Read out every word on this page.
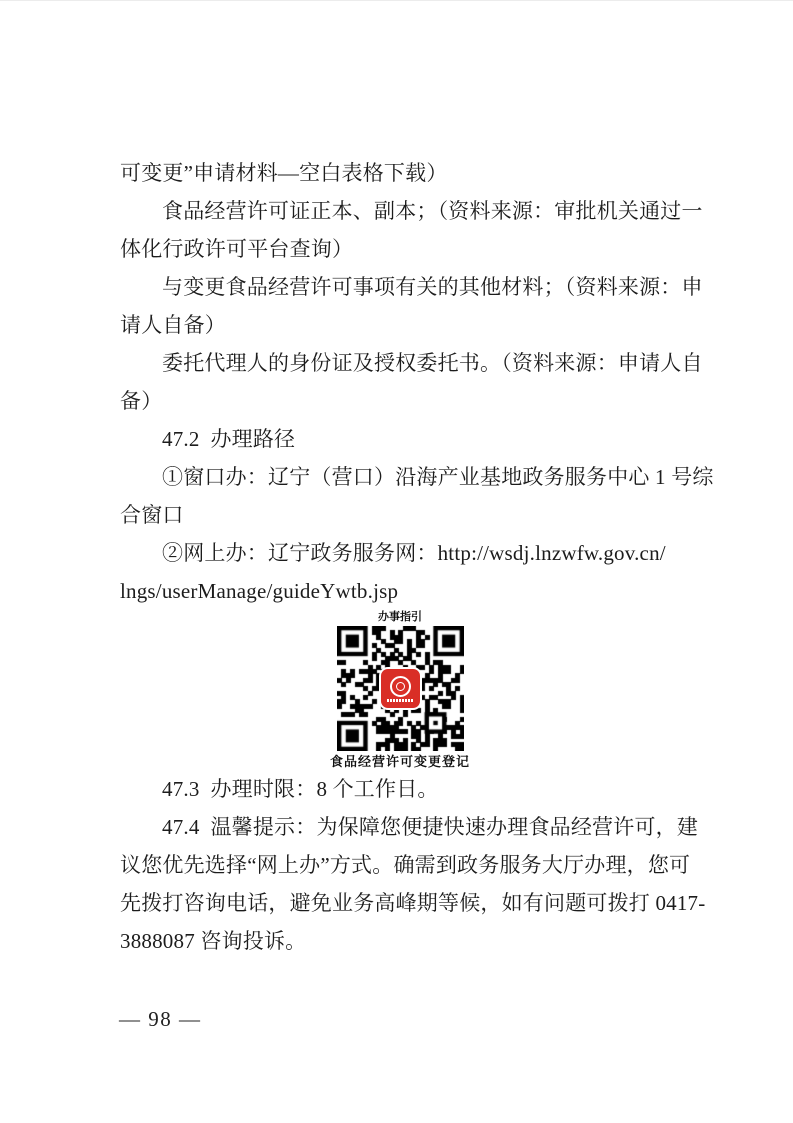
可变更”申请材料—空白表格下载）
食品经营许可证正本、副本；（资料来源：审批机关通过一
体化行政许可平台查询）
与变更食品经营许可事项有关的其他材料；（资料来源：申
请人自备）
委托代理人的身份证及授权委托书。（资料来源：申请人自
备）
47.2  办理路径
①窗口办：辽宁（营口）沿海产业基地政务服务中心 1 号综
合窗口
②网上办：辽宁政务服务网：http://wsdj.lnzwfw.gov.cn/
lngs/userManage/guideYwtb.jsp
办事指引
食品经营许可变更登记
47.3  办理时限：8 个工作日。
47.4  温馨提示：为保障您便捷快速办理食品经营许可，建
议您优先选择“网上办”方式。确需到政务服务大厅办理，您可
先拨打咨询电话，避免业务高峰期等候，如有问题可拨打 0417-
3888087 咨询投诉。
— 98 —
